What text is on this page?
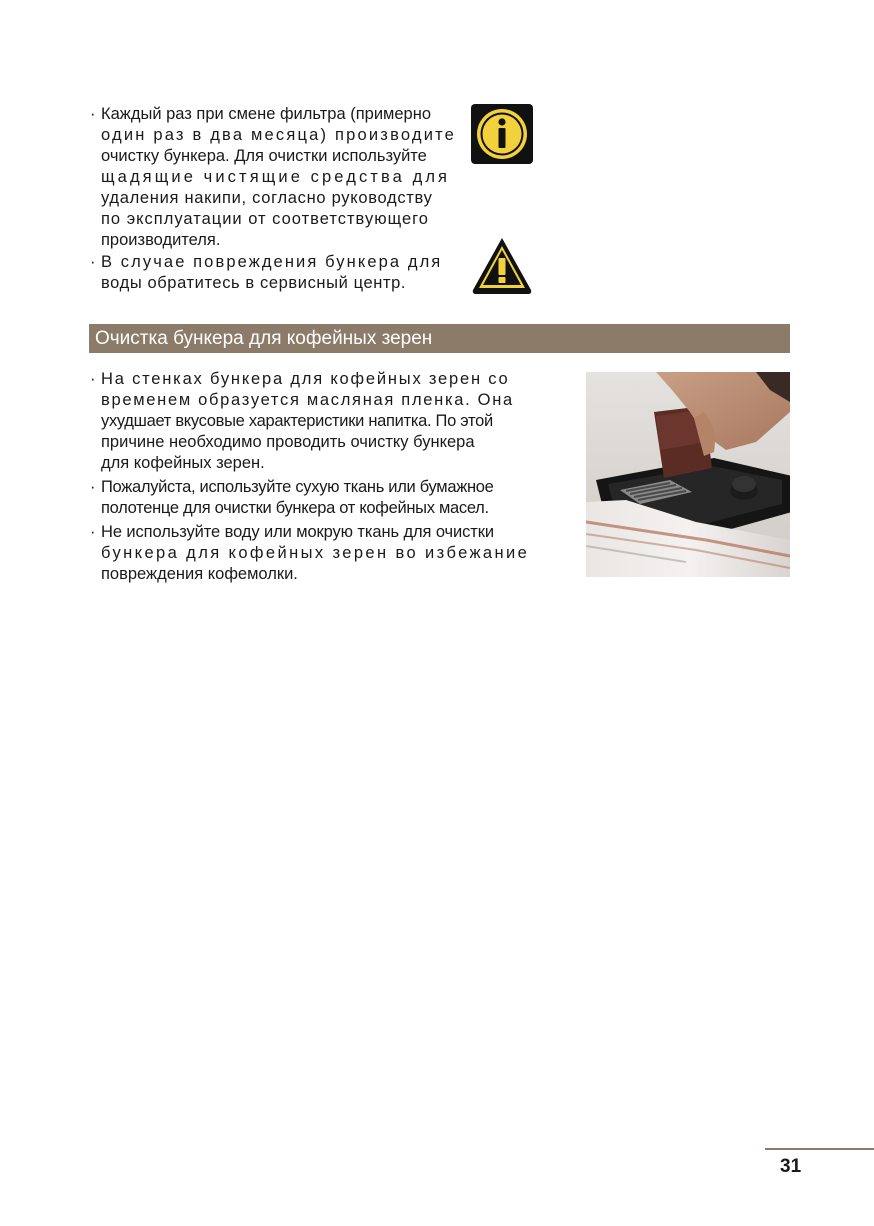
· Каждый раз при смене фильтра (примерно
один раз в два месяца) производите
очистку бункера. Для очистки используйте
щадящие чистящие средства для
удаления накипи, согласно руководству
по эксплуатации от соответствующего
производителя.
· В случае повреждения бункера для
воды обратитесь в сервисный центр.
Очистка бункера для кофейных зерен
· На стенках бункера для кофейных зерен со
временем образуется масляная пленка. Она
ухудшает вкусовые характеристики напитка. По этой
причине необходимо проводить очистку бункера
для кофейных зерен.
· Пожалуйста, используйте сухую ткань или бумажное
полотенце для очистки бункера от кофейных масел.
· Не используйте воду или мокрую ткань для очистки
бункера для кофейных зерен во избежание
повреждения кофемолки.
31
